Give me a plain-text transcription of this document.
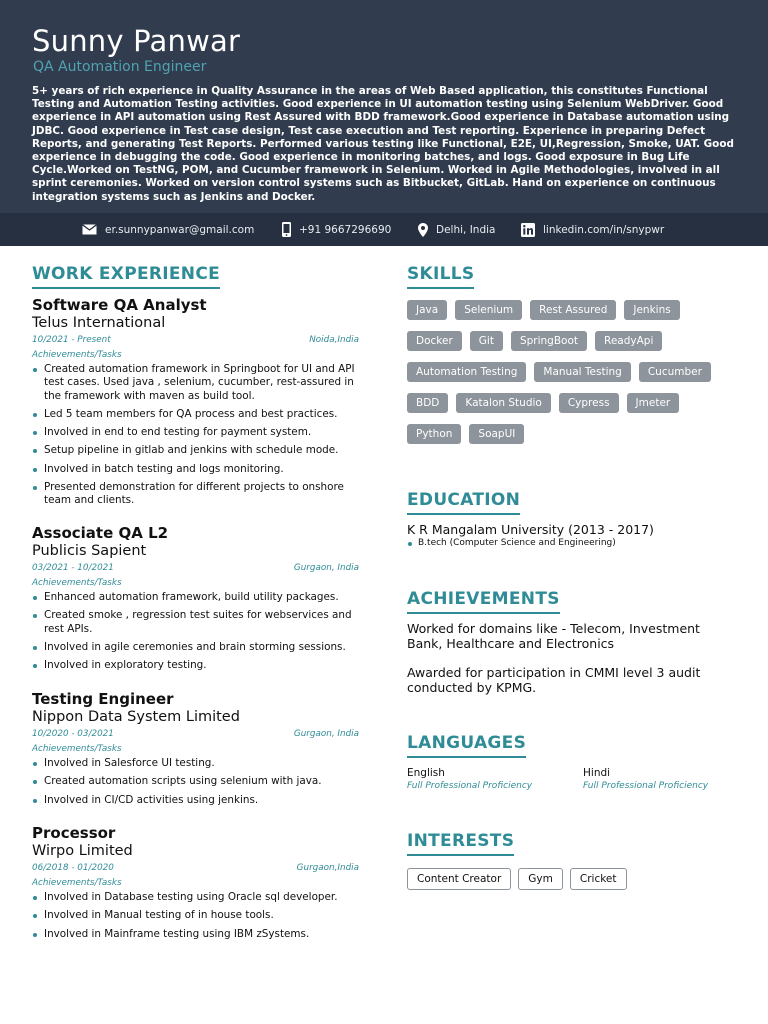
Sunny Panwar
QA Automation Engineer
5+ years of rich experience in Quality Assurance in the areas of Web Based application, this constitutes Functional Testing and Automation Testing activities. Good experience in UI automation testing using Selenium WebDriver. Good experience in API automation using Rest Assured with BDD framework.Good experience in Database automation using JDBC. Good experience in Test case design, Test case execution and Test reporting. Experience in preparing Defect Reports, and generating Test Reports. Performed various testing like Functional, E2E, UI,Regression, Smoke, UAT. Good experience in debugging the code. Good experience in monitoring batches, and logs. Good exposure in Bug Life Cycle.Worked on TestNG, POM, and Cucumber framework in Selenium. Worked in Agile Methodologies, involved in all sprint ceremonies. Worked on version control systems such as Bitbucket, GitLab. Hand on experience on continuous integration systems such as Jenkins and Docker.
er.sunnypanwar@gmail.com	+91 9667296690	Delhi, India	linkedin.com/in/snypwr
WORK EXPERIENCE
Software QA Analyst
Telus International
10/2021 - Present	Noida,India
Achievements/Tasks
Created automation framework in Springboot for UI and API test cases. Used java , selenium, cucumber, rest-assured in the framework with maven as build tool.
Led 5 team members for QA process and best practices.
Involved in end to end testing for payment system.
Setup pipeline in gitlab and jenkins with schedule mode.
Involved in batch testing and logs monitoring.
Presented demonstration for different projects to onshore team and clients.
Associate QA L2
Publicis Sapient
03/2021 - 10/2021	Gurgaon, India
Achievements/Tasks
Enhanced automation framework, build utility packages.
Created smoke , regression test suites for webservices and rest APIs.
Involved in agile ceremonies and brain storming sessions.
Involved in exploratory testing.
Testing Engineer
Nippon Data System Limited
10/2020 - 03/2021	Gurgaon, India
Achievements/Tasks
Involved in Salesforce UI testing.
Created automation scripts using selenium with java.
Involved in CI/CD activities using jenkins.
Processor
Wirpo Limited
06/2018 - 01/2020	Gurgaon,India
Achievements/Tasks
Involved in Database testing using Oracle sql developer.
Involved in Manual testing of in house tools.
Involved in Mainframe testing using IBM zSystems.
SKILLS
Java	Selenium	Rest Assured	Jenkins
Docker	Git	SpringBoot	ReadyApi
Automation Testing	Manual Testing	Cucumber
BDD	Katalon Studio	Cypress	Jmeter
Python	SoapUI
EDUCATION
K R Mangalam University (2013 - 2017)
B.tech (Computer Science and Engineering)
ACHIEVEMENTS
Worked for domains like - Telecom, Investment Bank, Healthcare and Electronics
Awarded for participation in CMMI level 3 audit conducted by KPMG.
LANGUAGES
English
Full Professional Proficiency
Hindi
Full Professional Proficiency
INTERESTS
Content Creator	Gym	Cricket
